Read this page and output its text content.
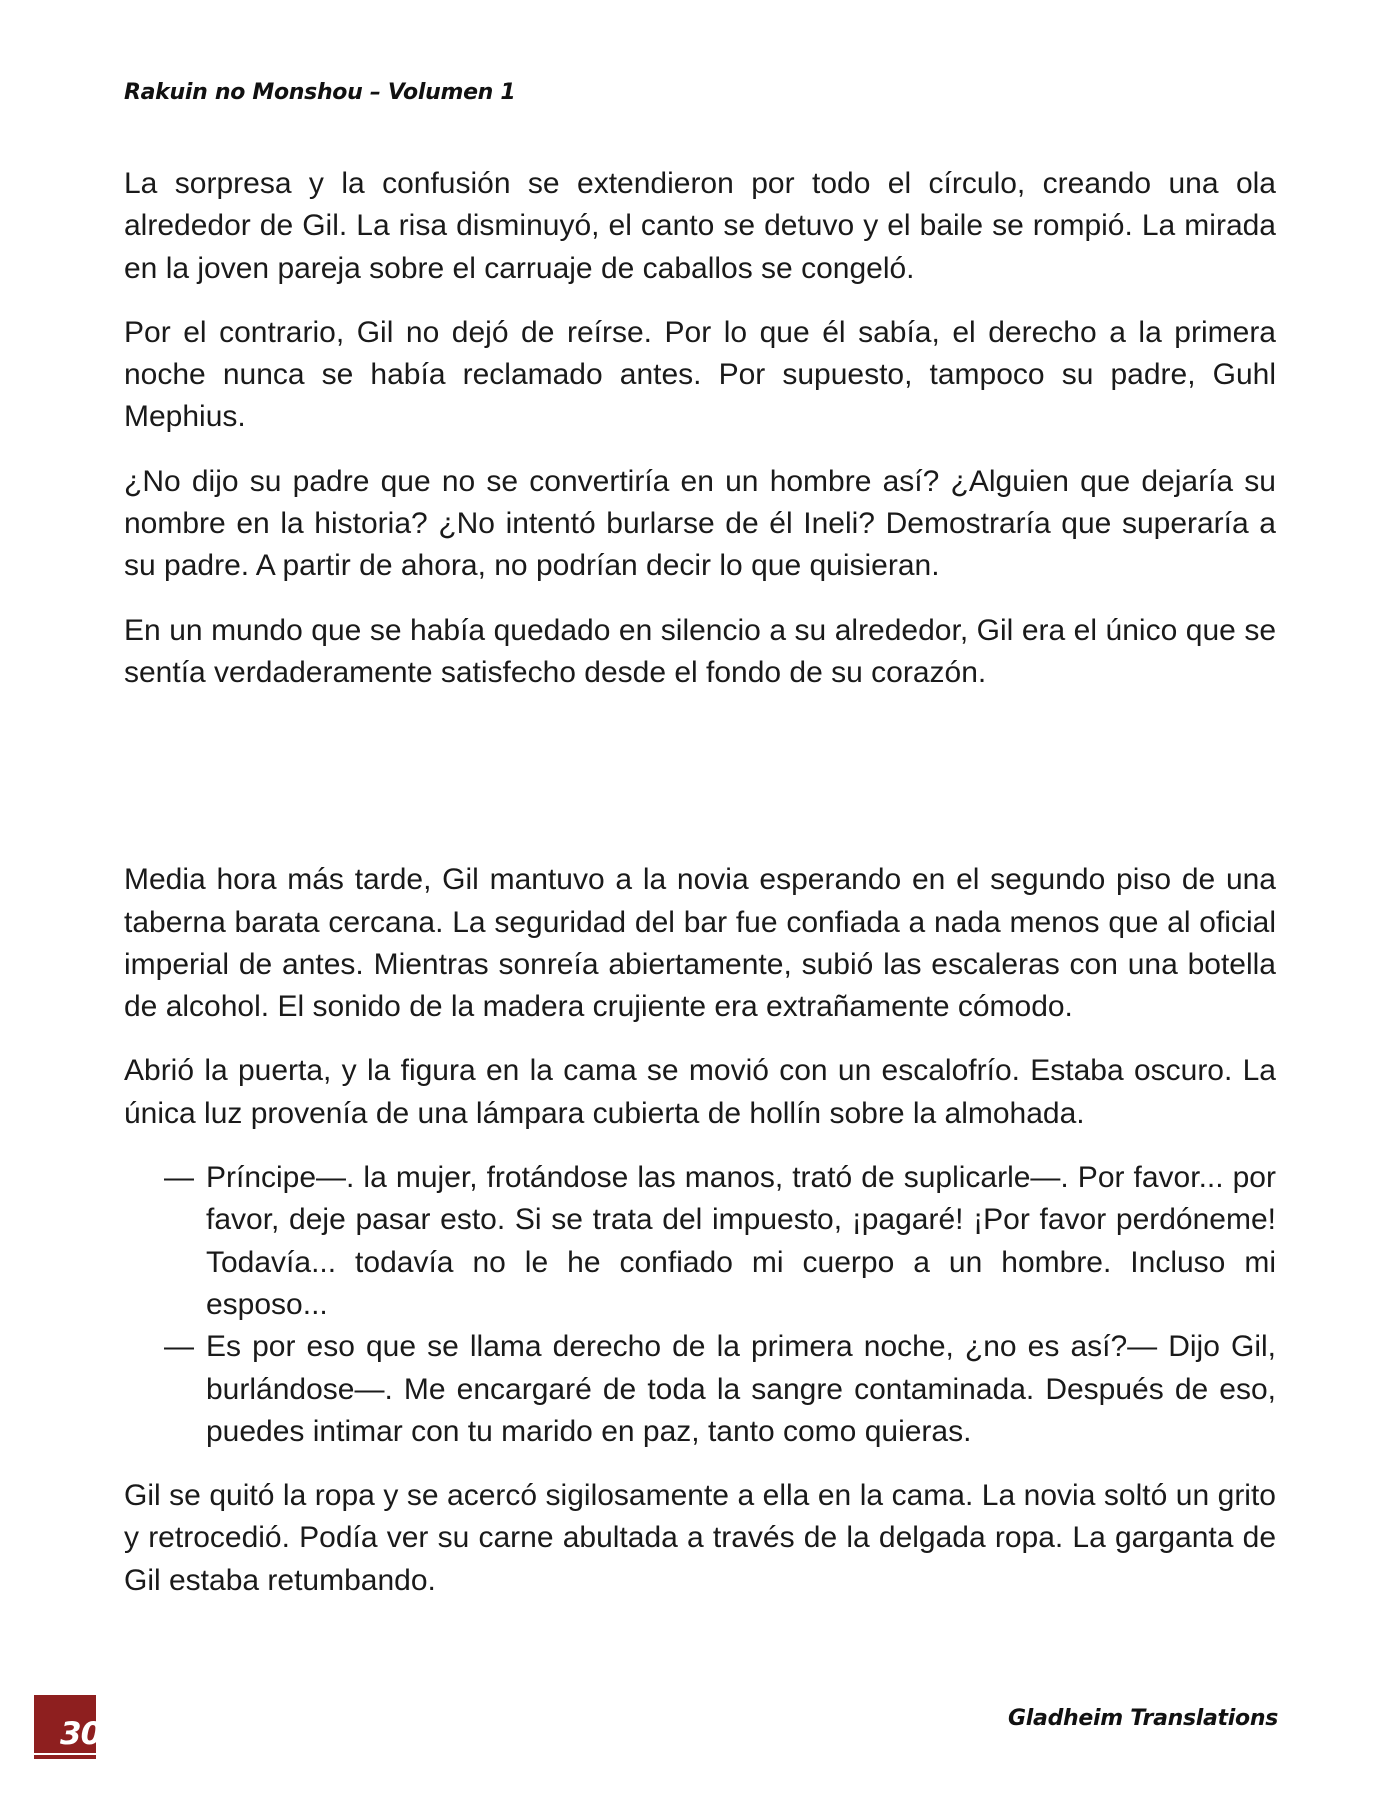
Rakuin no Monshou – Volumen 1

La sorpresa y la confusión se extendieron por todo el círculo, creando una ola alrededor de Gil. La risa disminuyó, el canto se detuvo y el baile se rompió. La mirada en la joven pareja sobre el carruaje de caballos se congeló.

Por el contrario, Gil no dejó de reírse. Por lo que él sabía, el derecho a la primera noche nunca se había reclamado antes. Por supuesto, tampoco su padre, Guhl Mephius.

¿No dijo su padre que no se convertiría en un hombre así? ¿Alguien que dejaría su nombre en la historia? ¿No intentó burlarse de él Ineli? Demostraría que superaría a su padre. A partir de ahora, no podrían decir lo que quisieran.

En un mundo que se había quedado en silencio a su alrededor, Gil era el único que se sentía verdaderamente satisfecho desde el fondo de su corazón.

Media hora más tarde, Gil mantuvo a la novia esperando en el segundo piso de una taberna barata cercana. La seguridad del bar fue confiada a nada menos que al oficial imperial de antes. Mientras sonreía abiertamente, subió las escaleras con una botella de alcohol. El sonido de la madera crujiente era extrañamente cómodo.

Abrió la puerta, y la figura en la cama se movió con un escalofrío. Estaba oscuro. La única luz provenía de una lámpara cubierta de hollín sobre la almohada.

— Príncipe—. la mujer, frotándose las manos, trató de suplicarle—. Por favor... por favor, deje pasar esto. Si se trata del impuesto, ¡pagaré! ¡Por favor perdóneme! Todavía... todavía no le he confiado mi cuerpo a un hombre. Incluso mi esposo...
— Es por eso que se llama derecho de la primera noche, ¿no es así?— Dijo Gil, burlándose—. Me encargaré de toda la sangre contaminada. Después de eso, puedes intimar con tu marido en paz, tanto como quieras.

Gil se quitó la ropa y se acercó sigilosamente a ella en la cama. La novia soltó un grito y retrocedió. Podía ver su carne abultada a través de la delgada ropa. La garganta de Gil estaba retumbando.

30	Gladheim Translations
